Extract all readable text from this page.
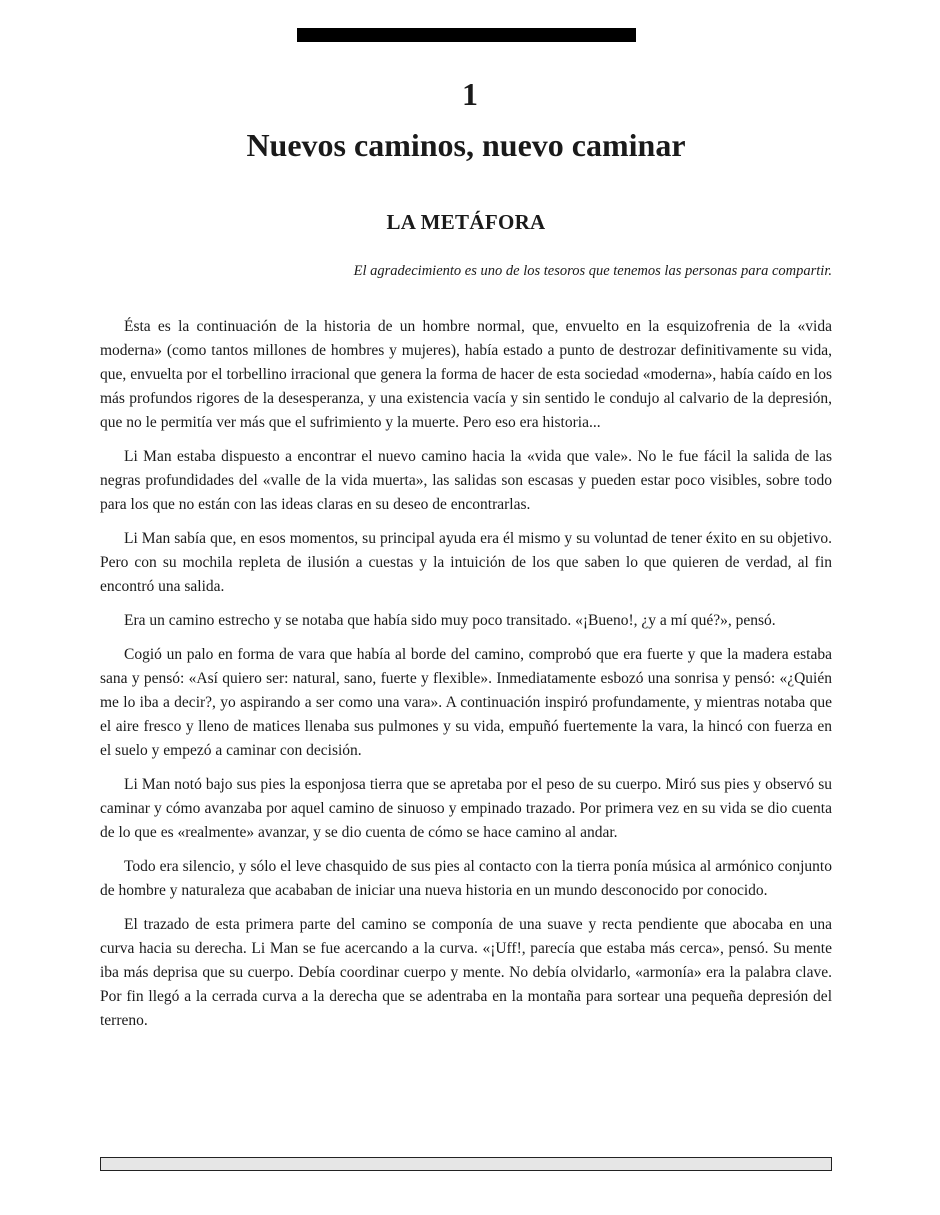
1
Nuevos caminos, nuevo caminar
LA METÁFORA
El agradecimiento es uno de los tesoros que tenemos las personas para compartir.

Ésta es la continuación de la historia de un hombre normal, que, envuelto en la esquizofrenia de la «vida moderna» (como tantos millones de hombres y mujeres), había estado a punto de destrozar definitivamente su vida, que, envuelta por el torbellino irracional que genera la forma de hacer de esta sociedad «moderna», había caído en los más profundos rigores de la desesperanza, y una existencia vacía y sin sentido le condujo al calvario de la depresión, que no le permitía ver más que el sufrimiento y la muerte. Pero eso era historia...

Li Man estaba dispuesto a encontrar el nuevo camino hacia la «vida que vale». No le fue fácil la salida de las negras profundidades del «valle de la vida muerta», las salidas son escasas y pueden estar poco visibles, sobre todo para los que no están con las ideas claras en su deseo de encontrarlas.

Li Man sabía que, en esos momentos, su principal ayuda era él mismo y su voluntad de tener éxito en su objetivo. Pero con su mochila repleta de ilusión a cuestas y la intuición de los que saben lo que quieren de verdad, al fin encontró una salida.

Era un camino estrecho y se notaba que había sido muy poco transitado. «¡Bueno!, ¿y a mí qué?», pensó.

Cogió un palo en forma de vara que había al borde del camino, comprobó que era fuerte y que la madera estaba sana y pensó: «Así quiero ser: natural, sano, fuerte y flexible». Inmediatamente esbozó una sonrisa y pensó: «¿Quién me lo iba a decir?, yo aspirando a ser como una vara». A continuación inspiró profundamente, y mientras notaba que el aire fresco y lleno de matices llenaba sus pulmones y su vida, empuñó fuertemente la vara, la hincó con fuerza en el suelo y empezó a caminar con decisión.

Li Man notó bajo sus pies la esponjosa tierra que se apretaba por el peso de su cuerpo. Miró sus pies y observó su caminar y cómo avanzaba por aquel camino de sinuoso y empinado trazado. Por primera vez en su vida se dio cuenta de lo que es «realmente» avanzar, y se dio cuenta de cómo se hace camino al andar.

Todo era silencio, y sólo el leve chasquido de sus pies al contacto con la tierra ponía música al armónico conjunto de hombre y naturaleza que acababan de iniciar una nueva historia en un mundo desconocido por conocido.

El trazado de esta primera parte del camino se componía de una suave y recta pendiente que abocaba en una curva hacia su derecha. Li Man se fue acercando a la curva. «¡Uff!, parecía que estaba más cerca», pensó. Su mente iba más deprisa que su cuerpo. Debía coordinar cuerpo y mente. No debía olvidarlo, «armonía» era la palabra clave. Por fin llegó a la cerrada curva a la derecha que se adentraba en la montaña para sortear una pequeña depresión del terreno.
